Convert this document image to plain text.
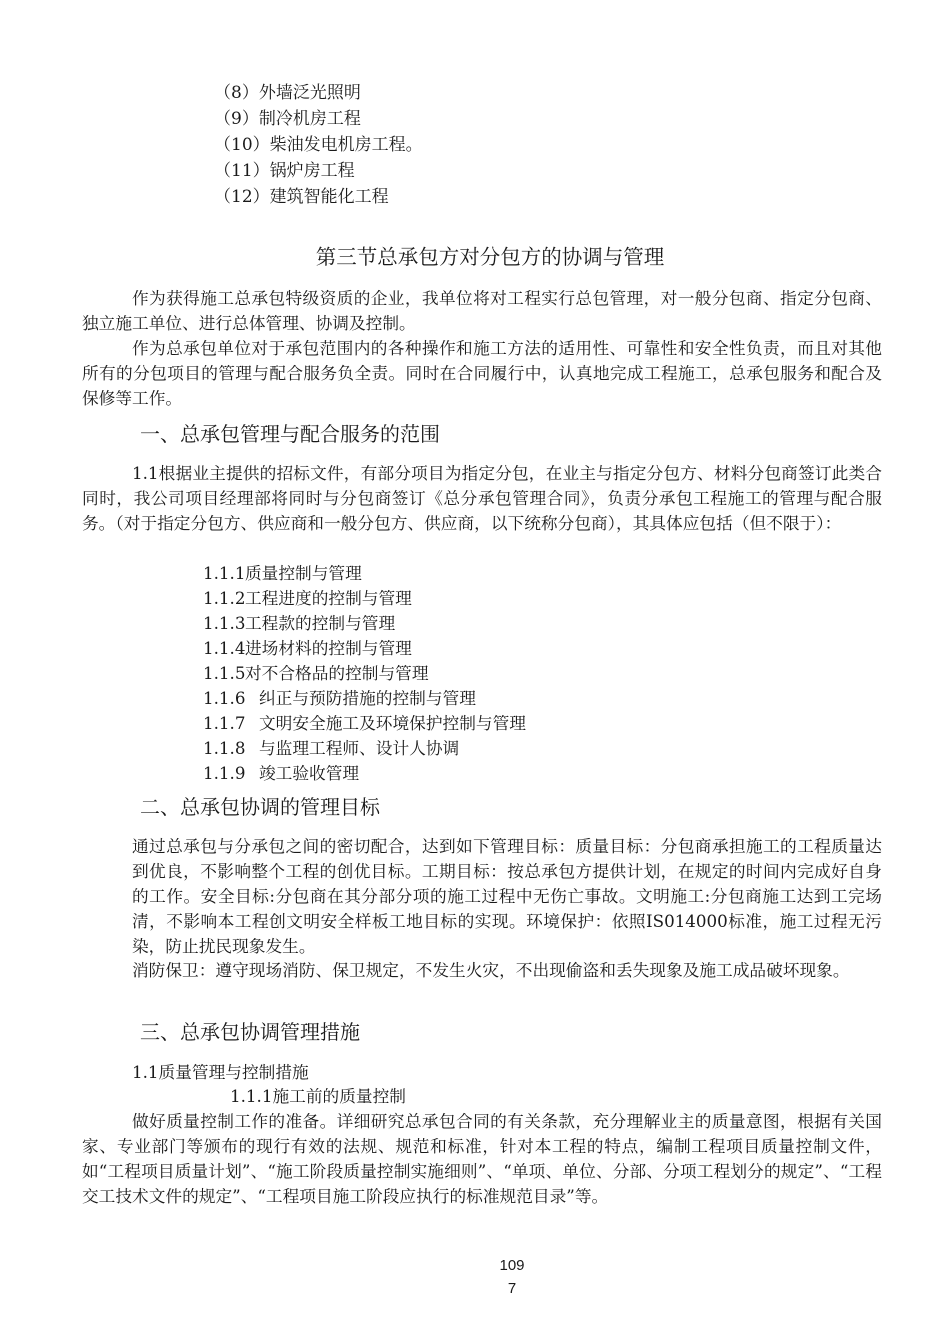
（8）外墙泛光照明
（9）制冷机房工程
（10）柴油发电机房工程。
（11）锅炉房工程
（12）建筑智能化工程
第三节总承包方对分包方的协调与管理
作为获得施工总承包特级资质的企业，我单位将对工程实行总包管理，对一般分包商、指定分包商、独立施工单位、进行总体管理、协调及控制。
作为总承包单位对于承包范围内的各种操作和施工方法的适用性、可靠性和安全性负责，而且对其他所有的分包项目的管理与配合服务负全责。同时在合同履行中，认真地完成工程施工，总承包服务和配合及保修等工作。
一、总承包管理与配合服务的范围
1.1根据业主提供的招标文件，有部分项目为指定分包，在业主与指定分包方、材料分包商签订此类合同时，我公司项目经理部将同时与分包商签订《总分承包管理合同》，负责分承包工程施工的管理与配合服务。（对于指定分包方、供应商和一般分包方、供应商，以下统称分包商），其具体应包括（但不限于）：
1.1.1质量控制与管理
1.1.2工程进度的控制与管理
1.1.3工程款的控制与管理
1.1.4进场材料的控制与管理
1.1.5对不合格品的控制与管理
1.1.6 纠正与预防措施的控制与管理
1.1.7 文明安全施工及环境保护控制与管理
1.1.8 与监理工程师、设计人协调
1.1.9 竣工验收管理
二、总承包协调的管理目标
通过总承包与分承包之间的密切配合，达到如下管理目标：质量目标：分包商承担施工的工程质量达到优良，不影响整个工程的创优目标。工期目标：按总承包方提供计划，在规定的时间内完成好自身的工作。安全目标:分包商在其分部分项的施工过程中无伤亡事故。文明施工:分包商施工达到工完场清，不影响本工程创文明安全样板工地目标的实现。环境保护：依照IS014000标准，施工过程无污染，防止扰民现象发生。
消防保卫：遵守现场消防、保卫规定，不发生火灾，不出现偷盗和丢失现象及施工成品破坏现象。
三、总承包协调管理措施
1.1质量管理与控制措施
1.1.1施工前的质量控制
做好质量控制工作的准备。详细研究总承包合同的有关条款，充分理解业主的质量意图，根据有关国家、专业部门等颁布的现行有效的法规、规范和标准，针对本工程的特点，编制工程项目质量控制文件，如“工程项目质量计划”、“施工阶段质量控制实施细则”、“单项、单位、分部、分项工程划分的规定”、“工程交工技术文件的规定”、“工程项目施工阶段应执行的标准规范目录”等。
109
7
